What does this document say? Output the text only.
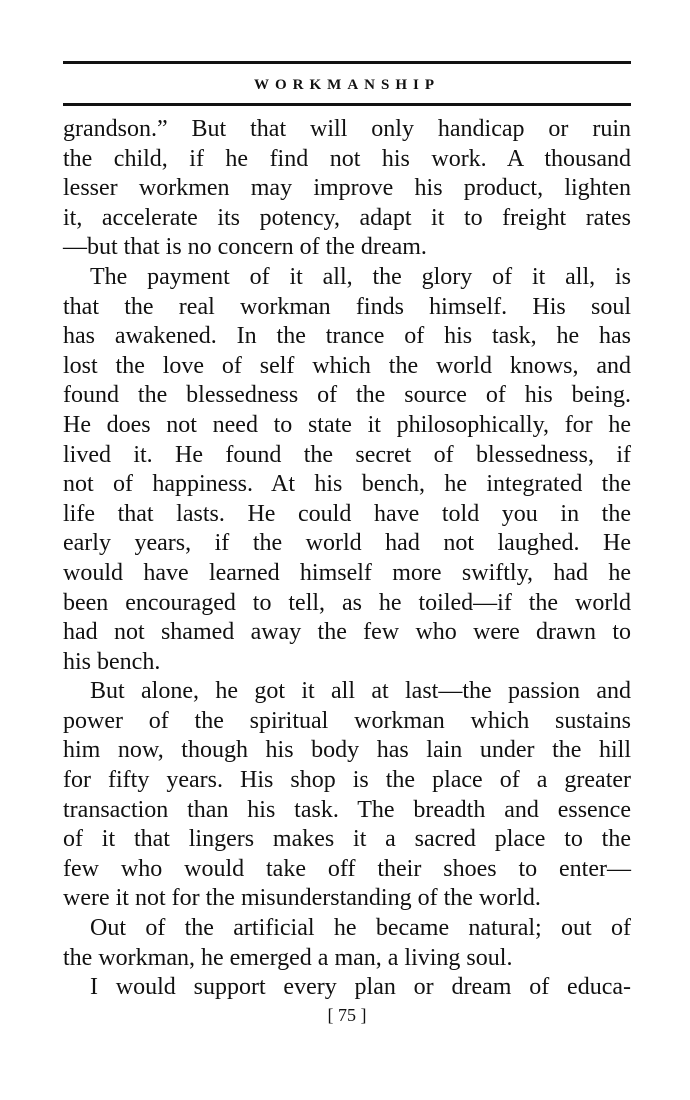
WORKMANSHIP
grandson.” But that will only handicap or ruin
the child, if he find not his work. A thousand
lesser workmen may improve his product, lighten
it, accelerate its potency, adapt it to freight rates
—but that is no concern of the dream.
The payment of it all, the glory of it all, is
that the real workman finds himself. His soul
has awakened. In the trance of his task, he has
lost the love of self which the world knows, and
found the blessedness of the source of his being.
He does not need to state it philosophically, for he
lived it. He found the secret of blessedness, if
not of happiness. At his bench, he integrated the
life that lasts. He could have told you in the
early years, if the world had not laughed. He
would have learned himself more swiftly, had he
been encouraged to tell, as he toiled—if the world
had not shamed away the few who were drawn to
his bench.
But alone, he got it all at last—the passion and
power of the spiritual workman which sustains
him now, though his body has lain under the hill
for fifty years. His shop is the place of a greater
transaction than his task. The breadth and essence
of it that lingers makes it a sacred place to the
few who would take off their shoes to enter—
were it not for the misunderstanding of the world.
Out of the artificial he became natural; out of
the workman, he emerged a man, a living soul.
I would support every plan or dream of educa-
[ 75 ]
